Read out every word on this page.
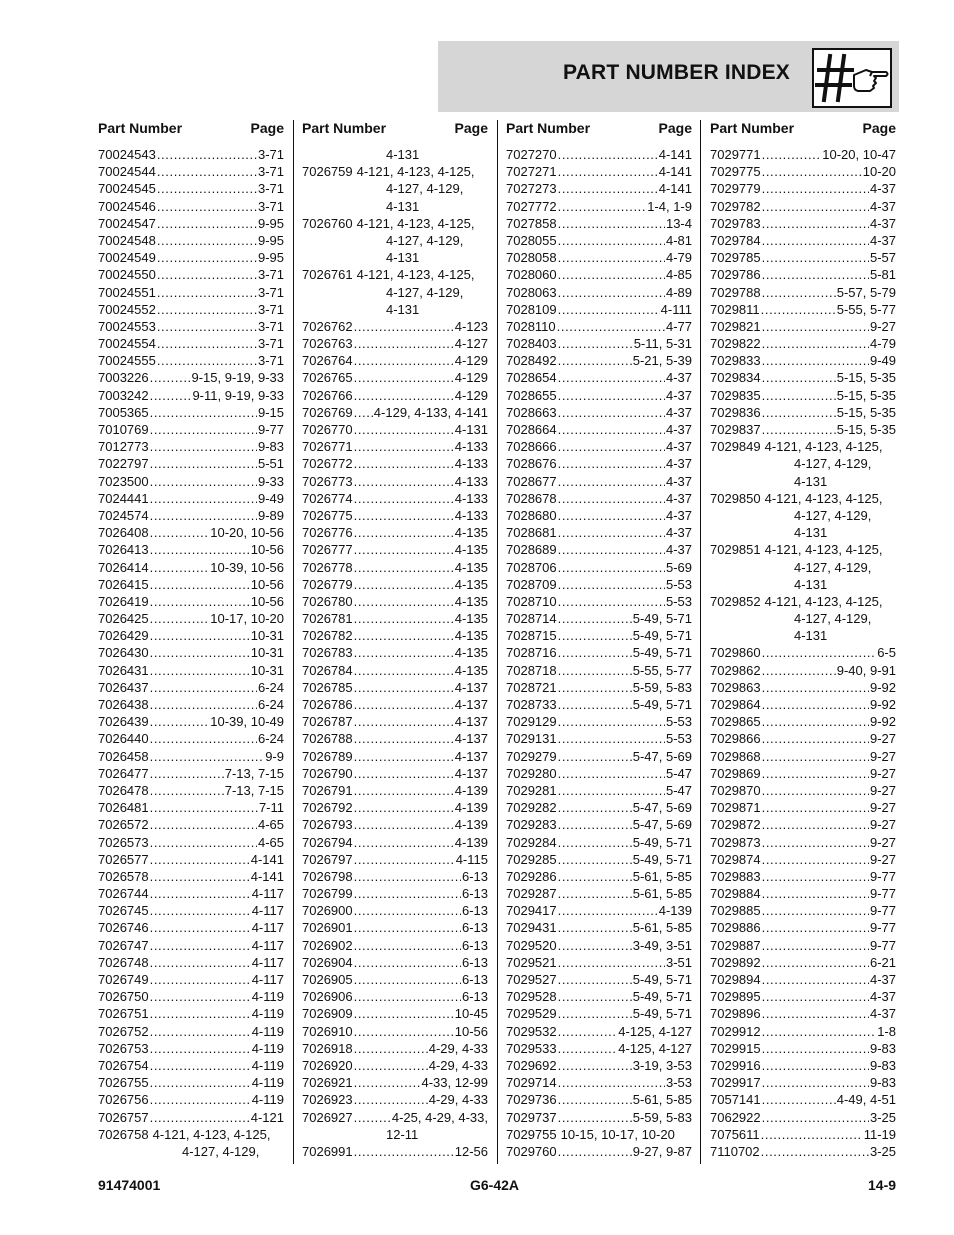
PART NUMBER INDEX
Part Number	Page
70024543 .....	3-71
70024544 .....	3-71
70024545 .....	3-71
70024546 .....	3-71
70024547 .....	9-95
70024548 .....	9-95
70024549 .....	9-95
70024550 .....	3-71
70024551 .....	3-71
70024552 .....	3-71
70024553 .....	3-71
70024554 .....	3-71
70024555 .....	3-71
7003226 .....	9-15, 9-19, 9-33
7003242 .....	9-11, 9-19, 9-33
7005365 .....	9-15
7010769 .....	9-77
7012773 .....	9-83
7022797 .....	5-51
7023500 .....	9-33
7024441 .....	9-49
7024574 .....	9-89
7026408 .....	10-20, 10-56
7026413 .....	10-56
7026414 .....	10-39, 10-56
7026415 .....	10-56
7026419 .....	10-56
7026425 .....	10-17, 10-20
7026429 .....	10-31
7026430 .....	10-31
7026431 .....	10-31
7026437 .....	6-24
7026438 .....	6-24
7026439 .....	10-39, 10-49
7026440 .....	6-24
7026458 .....	9-9
7026477 .....	7-13, 7-15
7026478 .....	7-13, 7-15
7026481 .....	7-11
7026572 .....	4-65
7026573 .....	4-65
7026577 .....	4-141
7026578 .....	4-141
7026744 .....	4-117
7026745 .....	4-117
7026746 .....	4-117
7026747 .....	4-117
7026748 .....	4-117
7026749 .....	4-117
7026750 .....	4-119
7026751 .....	4-119
7026752 .....	4-119
7026753 .....	4-119
7026754 .....	4-119
7026755 .....	4-119
7026756 .....	4-119
7026757 .....	4-121
7026758 4-121, 4-123, 4-125,
4-127, 4-129,
Part Number	Page
4-131
7026759 4-121, 4-123, 4-125,
4-127, 4-129,
4-131
7026760 4-121, 4-123, 4-125,
4-127, 4-129,
4-131
7026761 4-121, 4-123, 4-125,
4-127, 4-129,
4-131
7026762 .....	4-123
7026763 .....	4-127
7026764 .....	4-129
7026765 .....	4-129
7026766 .....	4-129
7026769 ..... 4-129, 4-133, 4-141
7026770 .....	4-131
7026771 .....	4-133
7026772 .....	4-133
7026773 .....	4-133
7026774 .....	4-133
7026775 .....	4-133
7026776 .....	4-135
7026777 .....	4-135
7026778 .....	4-135
7026779 .....	4-135
7026780 .....	4-135
7026781 .....	4-135
7026782 .....	4-135
7026783 .....	4-135
7026784 .....	4-135
7026785 .....	4-137
7026786 .....	4-137
7026787 .....	4-137
7026788 .....	4-137
7026789 .....	4-137
7026790 .....	4-137
7026791 .....	4-139
7026792 .....	4-139
7026793 .....	4-139
7026794 .....	4-139
7026797 .....	4-115
7026798 .....	6-13
7026799 .....	6-13
7026900 .....	6-13
7026901 .....	6-13
7026902 .....	6-13
7026904 .....	6-13
7026905 .....	6-13
7026906 .....	6-13
7026909 .....	10-45
7026910 .....	10-56
7026918 .....	4-29, 4-33
7026920 .....	4-29, 4-33
7026921 .....	4-33, 12-99
7026923 .....	4-29, 4-33
7026927 .....	4-25, 4-29, 4-33,
12-11
7026991 .....	12-56
Part Number	Page
7027270 .....	4-141
7027271 .....	4-141
7027273 .....	4-141
7027772 .....	1-4, 1-9
7027858 .....	13-4
7028055 .....	4-81
7028058 .....	4-79
7028060 .....	4-85
7028063 .....	4-89
7028109 .....	4-111
7028110 .....	4-77
7028403 .....	5-11, 5-31
7028492 .....	5-21, 5-39
7028654 .....	4-37
7028655 .....	4-37
7028663 .....	4-37
7028664 .....	4-37
7028666 .....	4-37
7028676 .....	4-37
7028677 .....	4-37
7028678 .....	4-37
7028680 .....	4-37
7028681 .....	4-37
7028689 .....	4-37
7028706 .....	5-69
7028709 .....	5-53
7028710 .....	5-53
7028714 .....	5-49, 5-71
7028715 .....	5-49, 5-71
7028716 .....	5-49, 5-71
7028718 .....	5-55, 5-77
7028721 .....	5-59, 5-83
7028733 .....	5-49, 5-71
7029129 .....	5-53
7029131 .....	5-53
7029279 .....	5-47, 5-69
7029280 .....	5-47
7029281 .....	5-47
7029282 .....	5-47, 5-69
7029283 .....	5-47, 5-69
7029284 .....	5-49, 5-71
7029285 .....	5-49, 5-71
7029286 .....	5-61, 5-85
7029287 .....	5-61, 5-85
7029417 .....	4-139
7029431 .....	5-61, 5-85
7029520 .....	3-49, 3-51
7029521 .....	3-51
7029527 .....	5-49, 5-71
7029528 .....	5-49, 5-71
7029529 .....	5-49, 5-71
7029532 .....	4-125, 4-127
7029533 .....	4-125, 4-127
7029692 .....	3-19, 3-53
7029714 .....	3-53
7029736 .....	5-61, 5-85
7029737 .....	5-59, 5-83
7029755 10-15, 10-17, 10-20
7029760 .....	9-27, 9-87
Part Number	Page
7029771 .....	10-20, 10-47
7029775 .....	10-20
7029779 .....	4-37
7029782 .....	4-37
7029783 .....	4-37
7029784 .....	4-37
7029785 .....	5-57
7029786 .....	5-81
7029788 .....	5-57, 5-79
7029811 .....	5-55, 5-77
7029821 .....	9-27
7029822 .....	4-79
7029833 .....	9-49
7029834 .....	5-15, 5-35
7029835 .....	5-15, 5-35
7029836 .....	5-15, 5-35
7029837 .....	5-15, 5-35
7029849 4-121, 4-123, 4-125,
4-127, 4-129,
4-131
7029850 4-121, 4-123, 4-125,
4-127, 4-129,
4-131
7029851 4-121, 4-123, 4-125,
4-127, 4-129,
4-131
7029852 4-121, 4-123, 4-125,
4-127, 4-129,
4-131
7029860 .....	6-5
7029862 .....	9-40, 9-91
7029863 .....	9-92
7029864 .....	9-92
7029865 .....	9-92
7029866 .....	9-27
7029868 .....	9-27
7029869 .....	9-27
7029870 .....	9-27
7029871 .....	9-27
7029872 .....	9-27
7029873 .....	9-27
7029874 .....	9-27
7029883 .....	9-77
7029884 .....	9-77
7029885 .....	9-77
7029886 .....	9-77
7029887 .....	9-77
7029892 .....	6-21
7029894 .....	4-37
7029895 .....	4-37
7029896 .....	4-37
7029912 .....	1-8
7029915 .....	9-83
7029916 .....	9-83
7029917 .....	9-83
7057141 .....	4-49, 4-51
7062922 .....	3-25
7075611 .....	11-19
7110702 .....	3-25
91474001	G6-42A	14-9
